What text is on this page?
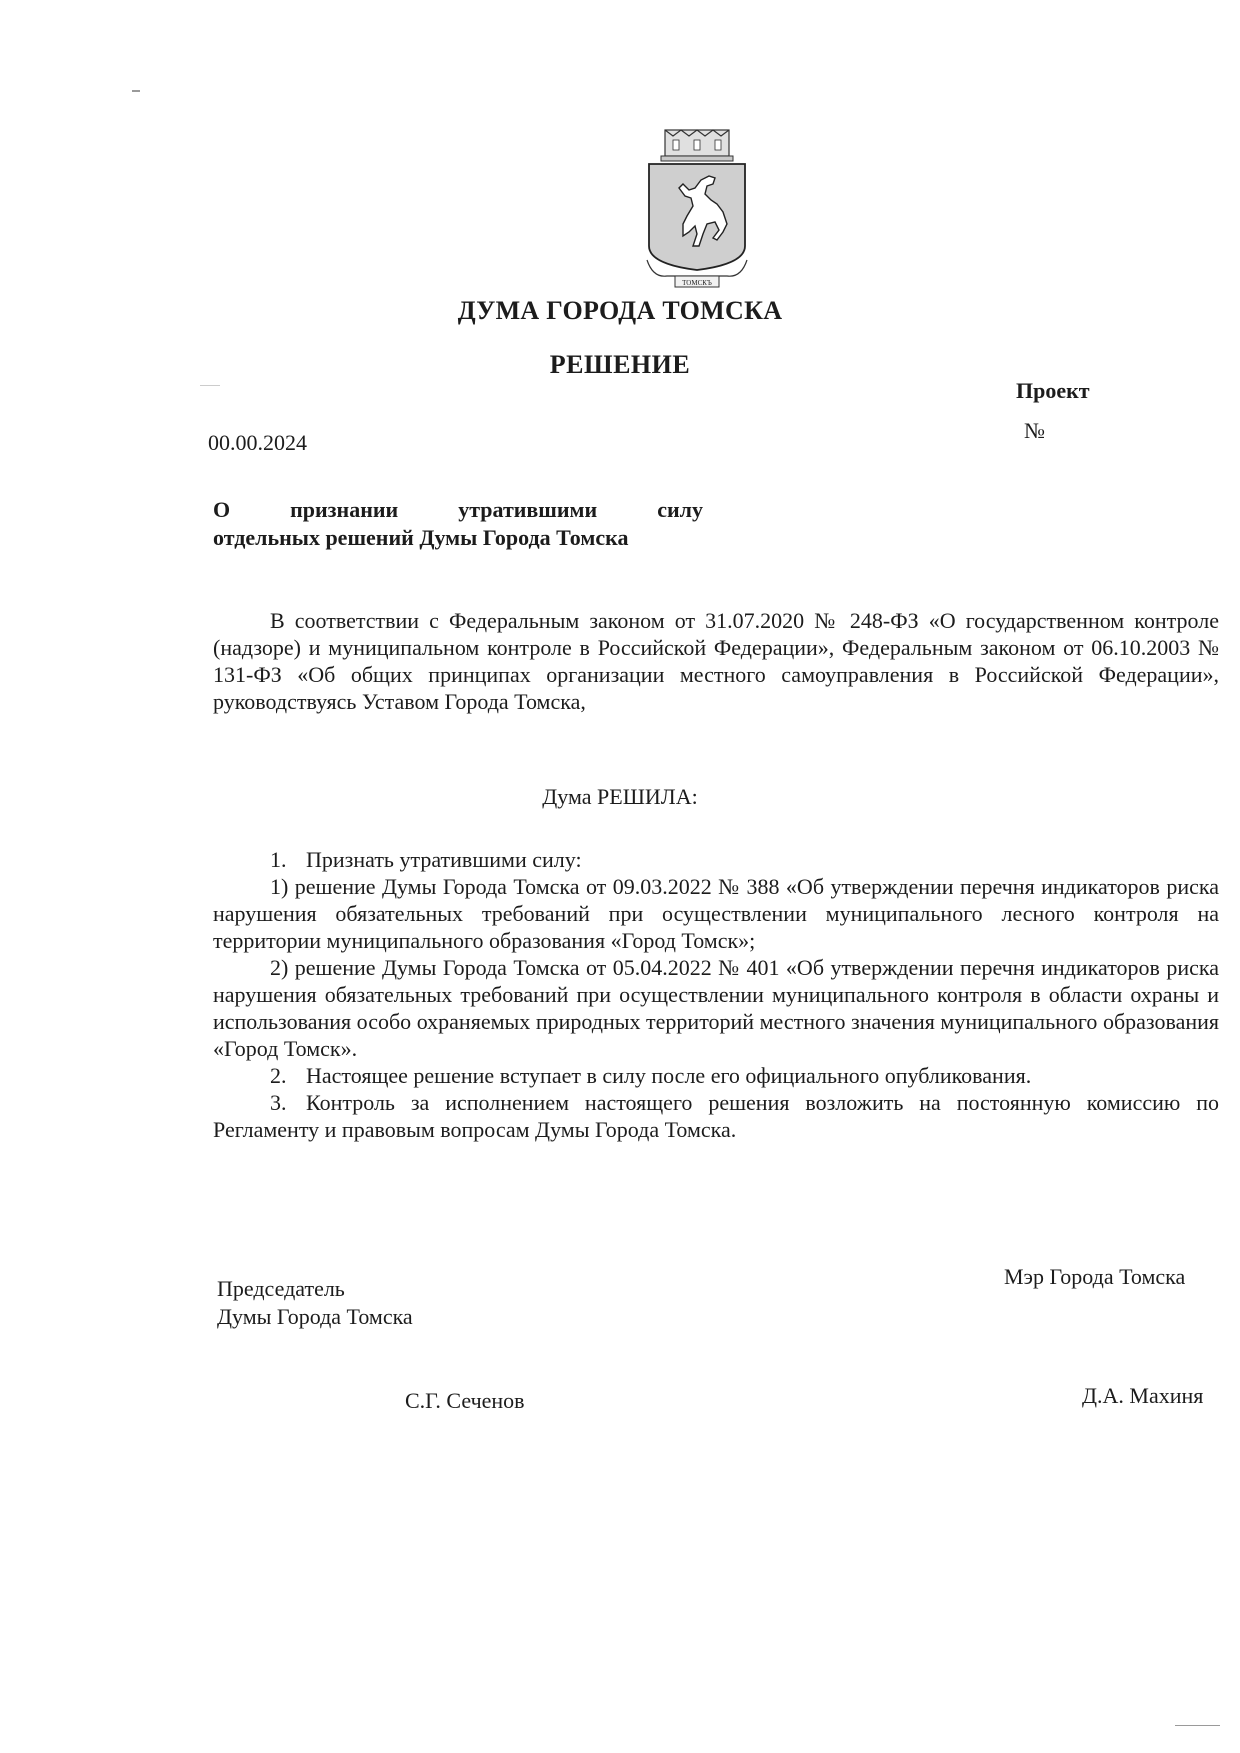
ТОМСКЪ
ДУМА ГОРОДА ТОМСКА
РЕШЕНИЕ
Проект
№
00.00.2024
О	признании	утратившими	силу
отдельных решений Думы Города Томска
В соответствии с Федеральным законом от 31.07.2020 № 248-ФЗ «О государственном контроле (надзоре) и муниципальном контроле в Российской Федерации», Федеральным законом от 06.10.2003 № 131-ФЗ «Об общих принципах организации местного самоуправления в Российской Федерации», руководствуясь Уставом Города Томска,
Дума РЕШИЛА:

1. Признать утратившими силу:

1) решение Думы Города Томска от 09.03.2022 № 388 «Об утверждении перечня индикаторов риска нарушения обязательных требований при осуществлении муниципального лесного контроля на территории муниципального образования «Город Томск»;

2) решение Думы Города Томска от 05.04.2022 № 401 «Об утверждении перечня индикаторов риска нарушения обязательных требований при осуществлении муниципального контроля в области охраны и использования особо охраняемых природных территорий местного значения муниципального образования «Город Томск».

2. Настоящее решение вступает в силу после его официального опубликования.

3. Контроль за исполнением настоящего решения возложить на постоянную комиссию по Регламенту и правовым вопросам Думы Города Томска.

Председатель
Думы Города Томска
Мэр Города Томска
С.Г. Сеченов	Д.А. Махиня
